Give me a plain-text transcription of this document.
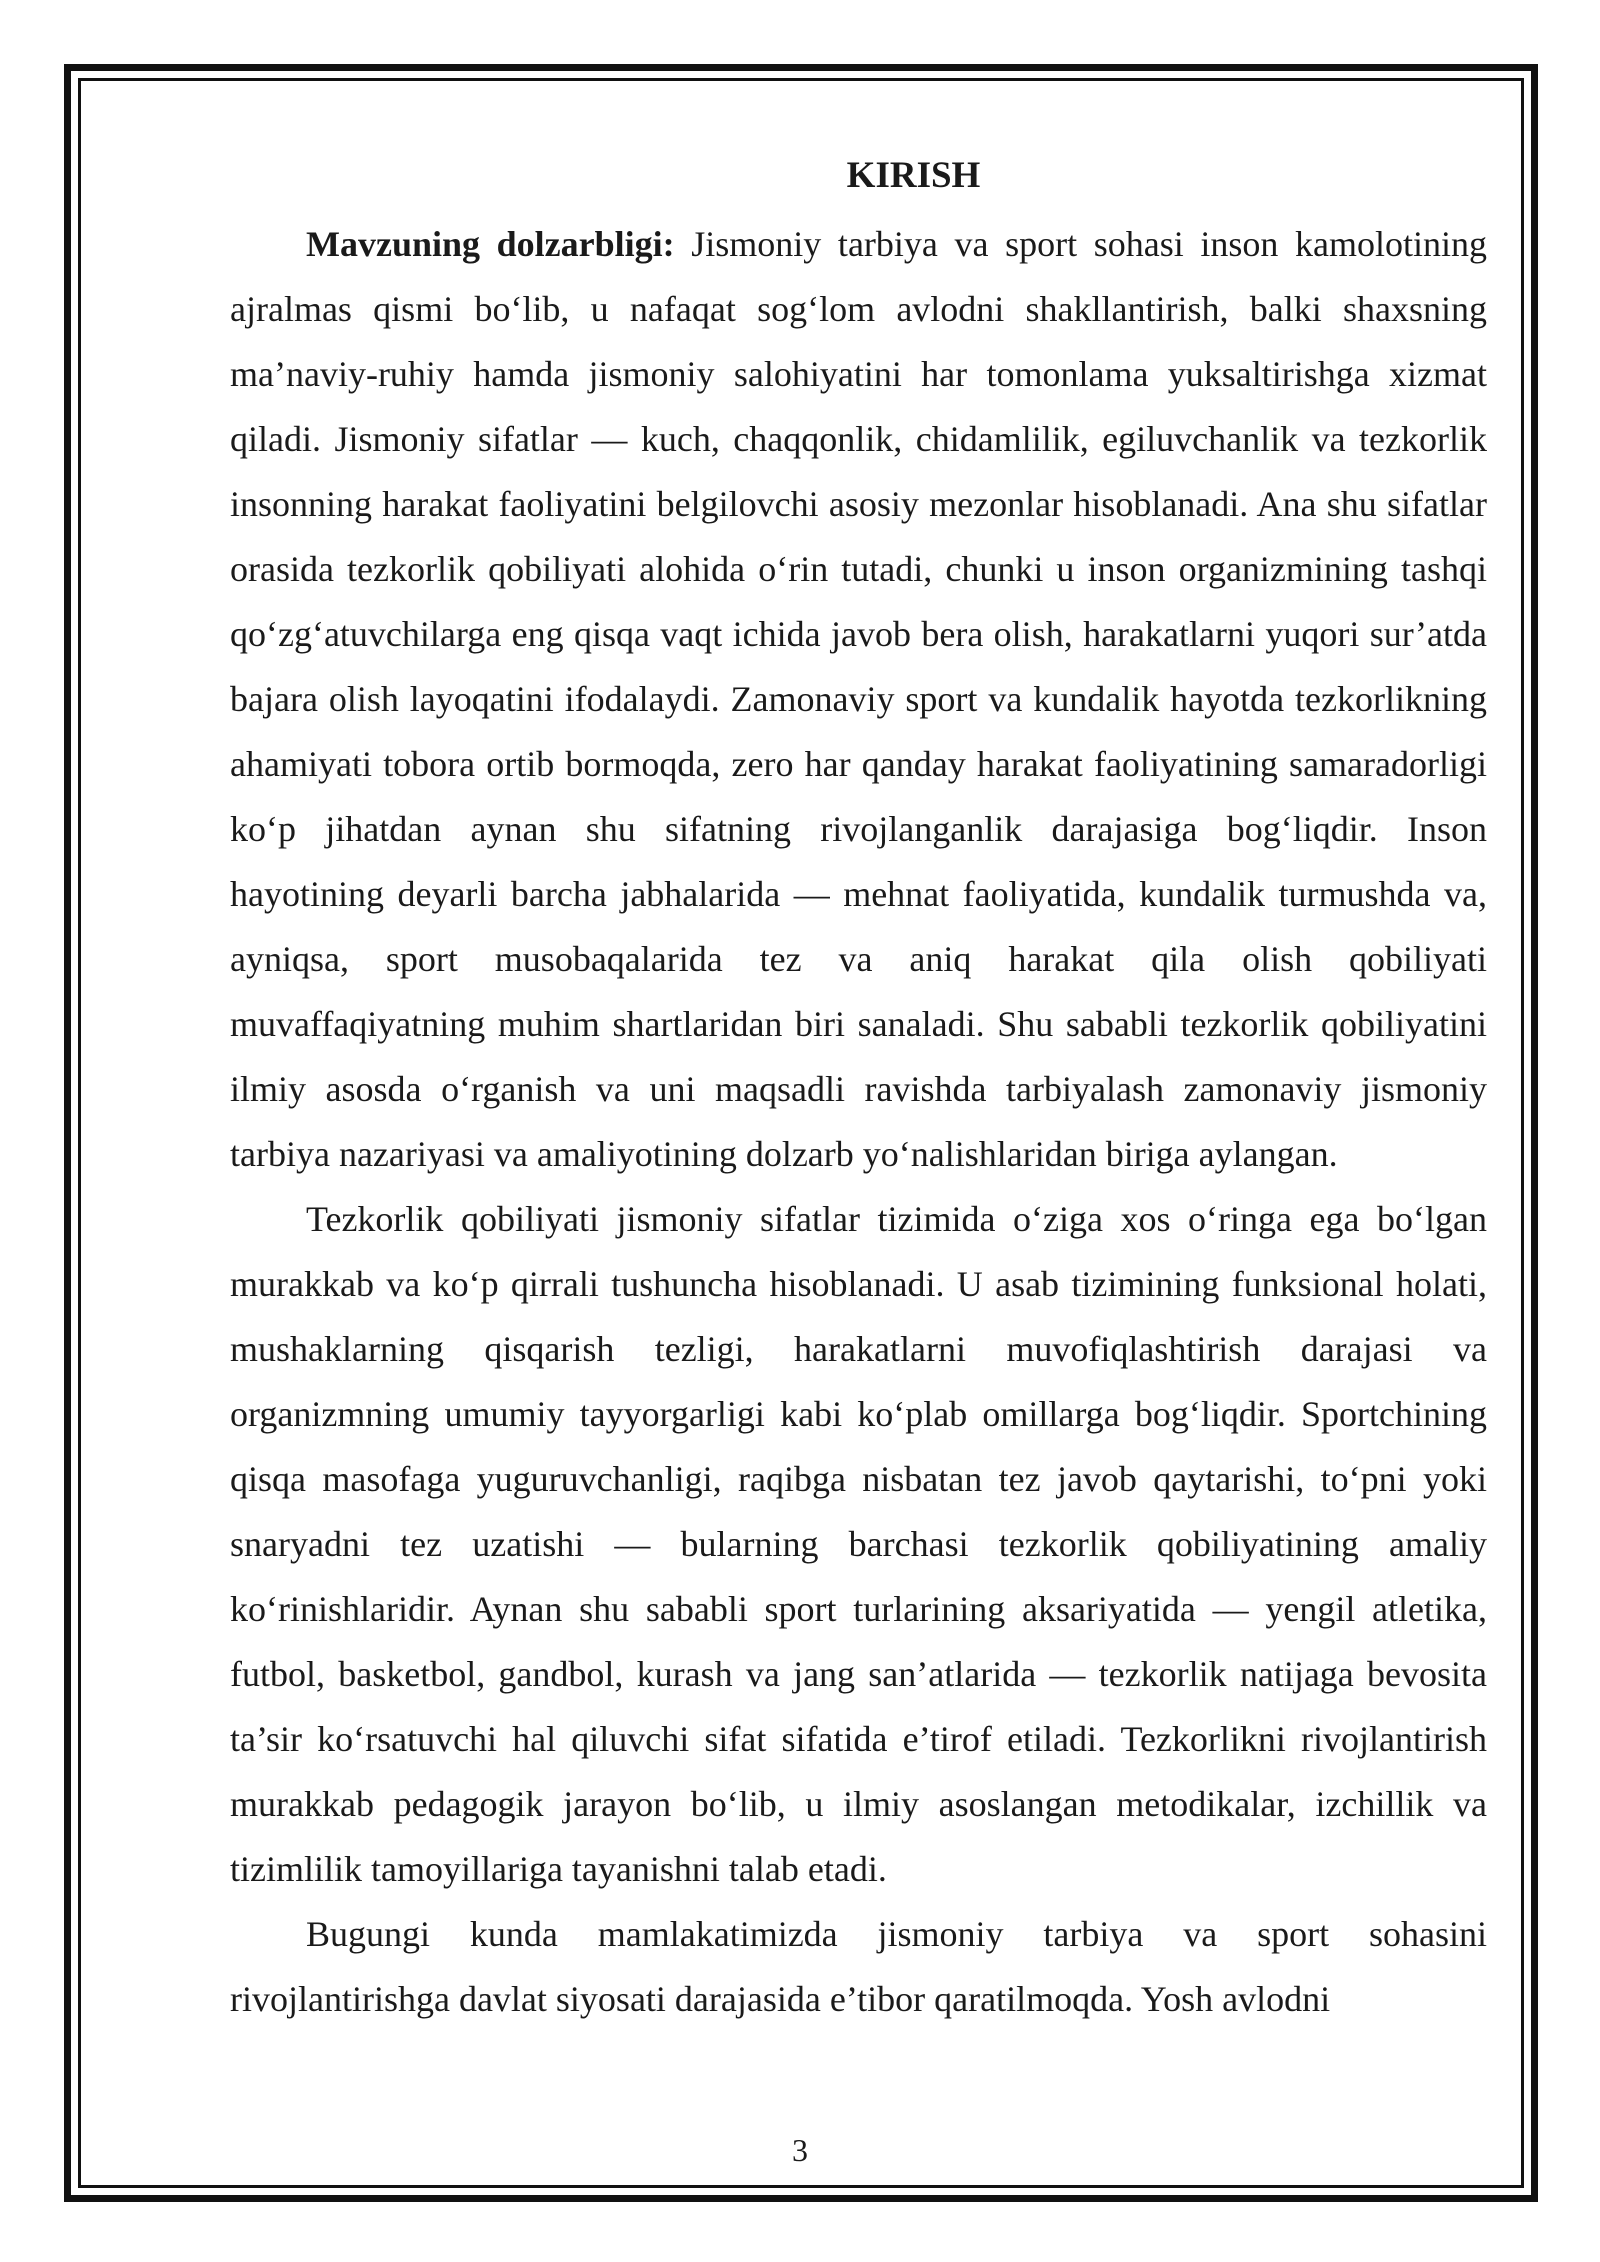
KIRISH

Mavzuning dolzarbligi: Jismoniy tarbiya va sport sohasi inson kamolotining ajralmas qismi bo‘lib, u nafaqat sog‘lom avlodni shakllantirish, balki shaxsning ma’naviy-ruhiy hamda jismoniy salohiyatini har tomonlama yuksaltirishga xizmat qiladi. Jismoniy sifatlar — kuch, chaqqonlik, chidamlilik, egiluvchanlik va tezkorlik insonning harakat faoliyatini belgilovchi asosiy mezonlar hisoblanadi. Ana shu sifatlar orasida tezkorlik qobiliyati alohida o‘rin tutadi, chunki u inson organizmining tashqi qo‘zg‘atuvchilarga eng qisqa vaqt ichida javob bera olish, harakatlarni yuqori sur’atda bajara olish layoqatini ifodalaydi. Zamonaviy sport va kundalik hayotda tezkorlikning ahamiyati tobora ortib bormoqda, zero har qanday harakat faoliyatining samaradorligi ko‘p jihatdan aynan shu sifatning rivojlanganlik darajasiga bog‘liqdir. Inson hayotining deyarli barcha jabhalarida — mehnat faoliyatida, kundalik turmushda va, ayniqsa, sport musobaqalarida tez va aniq harakat qila olish qobiliyati muvaffaqiyatning muhim shartlaridan biri sanaladi. Shu sababli tezkorlik qobiliyatini ilmiy asosda o‘rganish va uni maqsadli ravishda tarbiyalash zamonaviy jismoniy tarbiya nazariyasi va amaliyotining dolzarb yo‘nalishlaridan biriga aylangan.

Tezkorlik qobiliyati jismoniy sifatlar tizimida o‘ziga xos o‘ringa ega bo‘lgan murakkab va ko‘p qirrali tushuncha hisoblanadi. U asab tizimining funksional holati, mushaklarning qisqarish tezligi, harakatlarni muvofiqlashtirish darajasi va organizmning umumiy tayyorgarligi kabi ko‘plab omillarga bog‘liqdir. Sportchining qisqa masofaga yuguruvchanligi, raqibga nisbatan tez javob qaytarishi, to‘pni yoki snaryadni tez uzatishi — bularning barchasi tezkorlik qobiliyatining amaliy ko‘rinishlaridir. Aynan shu sababli sport turlarining aksariyatida — yengil atletika, futbol, basketbol, gandbol, kurash va jang san’atlarida — tezkorlik natijaga bevosita ta’sir ko‘rsatuvchi hal qiluvchi sifat sifatida e’tirof etiladi. Tezkorlikni rivojlantirish murakkab pedagogik jarayon bo‘lib, u ilmiy asoslangan metodikalar, izchillik va tizimlilik tamoyillariga tayanishni talab etadi.

Bugungi kunda mamlakatimizda jismoniy tarbiya va sport sohasini rivojlantirishga davlat siyosati darajasida e’tibor qaratilmoqda. Yosh avlodni

3
